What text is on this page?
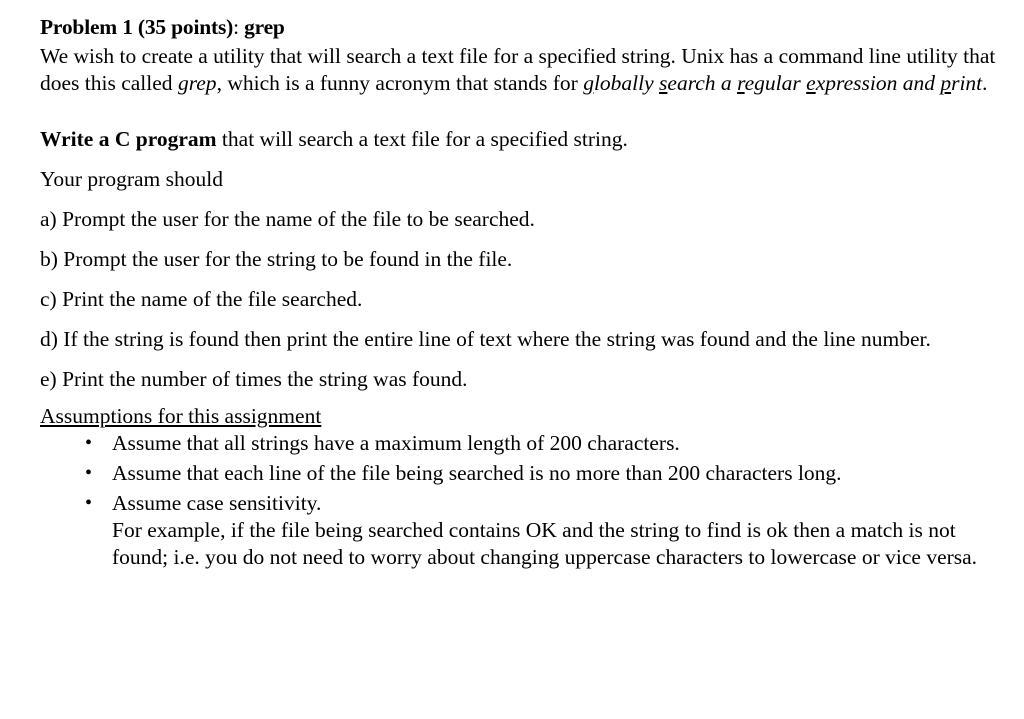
Problem 1 (35 points): grep

We wish to create a utility that will search a text file for a specified string. Unix has a command line utility that does this called grep, which is a funny acronym that stands for globally search a regular expression and print.

Write a C program that will search a text file for a specified string.

Your program should

a) Prompt the user for the name of the file to be searched.

b) Prompt the user for the string to be found in the file.

c) Print the name of the file searched.

d) If the string is found then print the entire line of text where the string was found and the line number.

e) Print the number of times the string was found.

Assumptions for this assignment

• Assume that all strings have a maximum length of 200 characters.
• Assume that each line of the file being searched is no more than 200 characters long.
• Assume case sensitivity.

For example, if the file being searched contains OK and the string to find is ok then a match is not found; i.e. you do not need to worry about changing uppercase characters to lowercase or vice versa.
